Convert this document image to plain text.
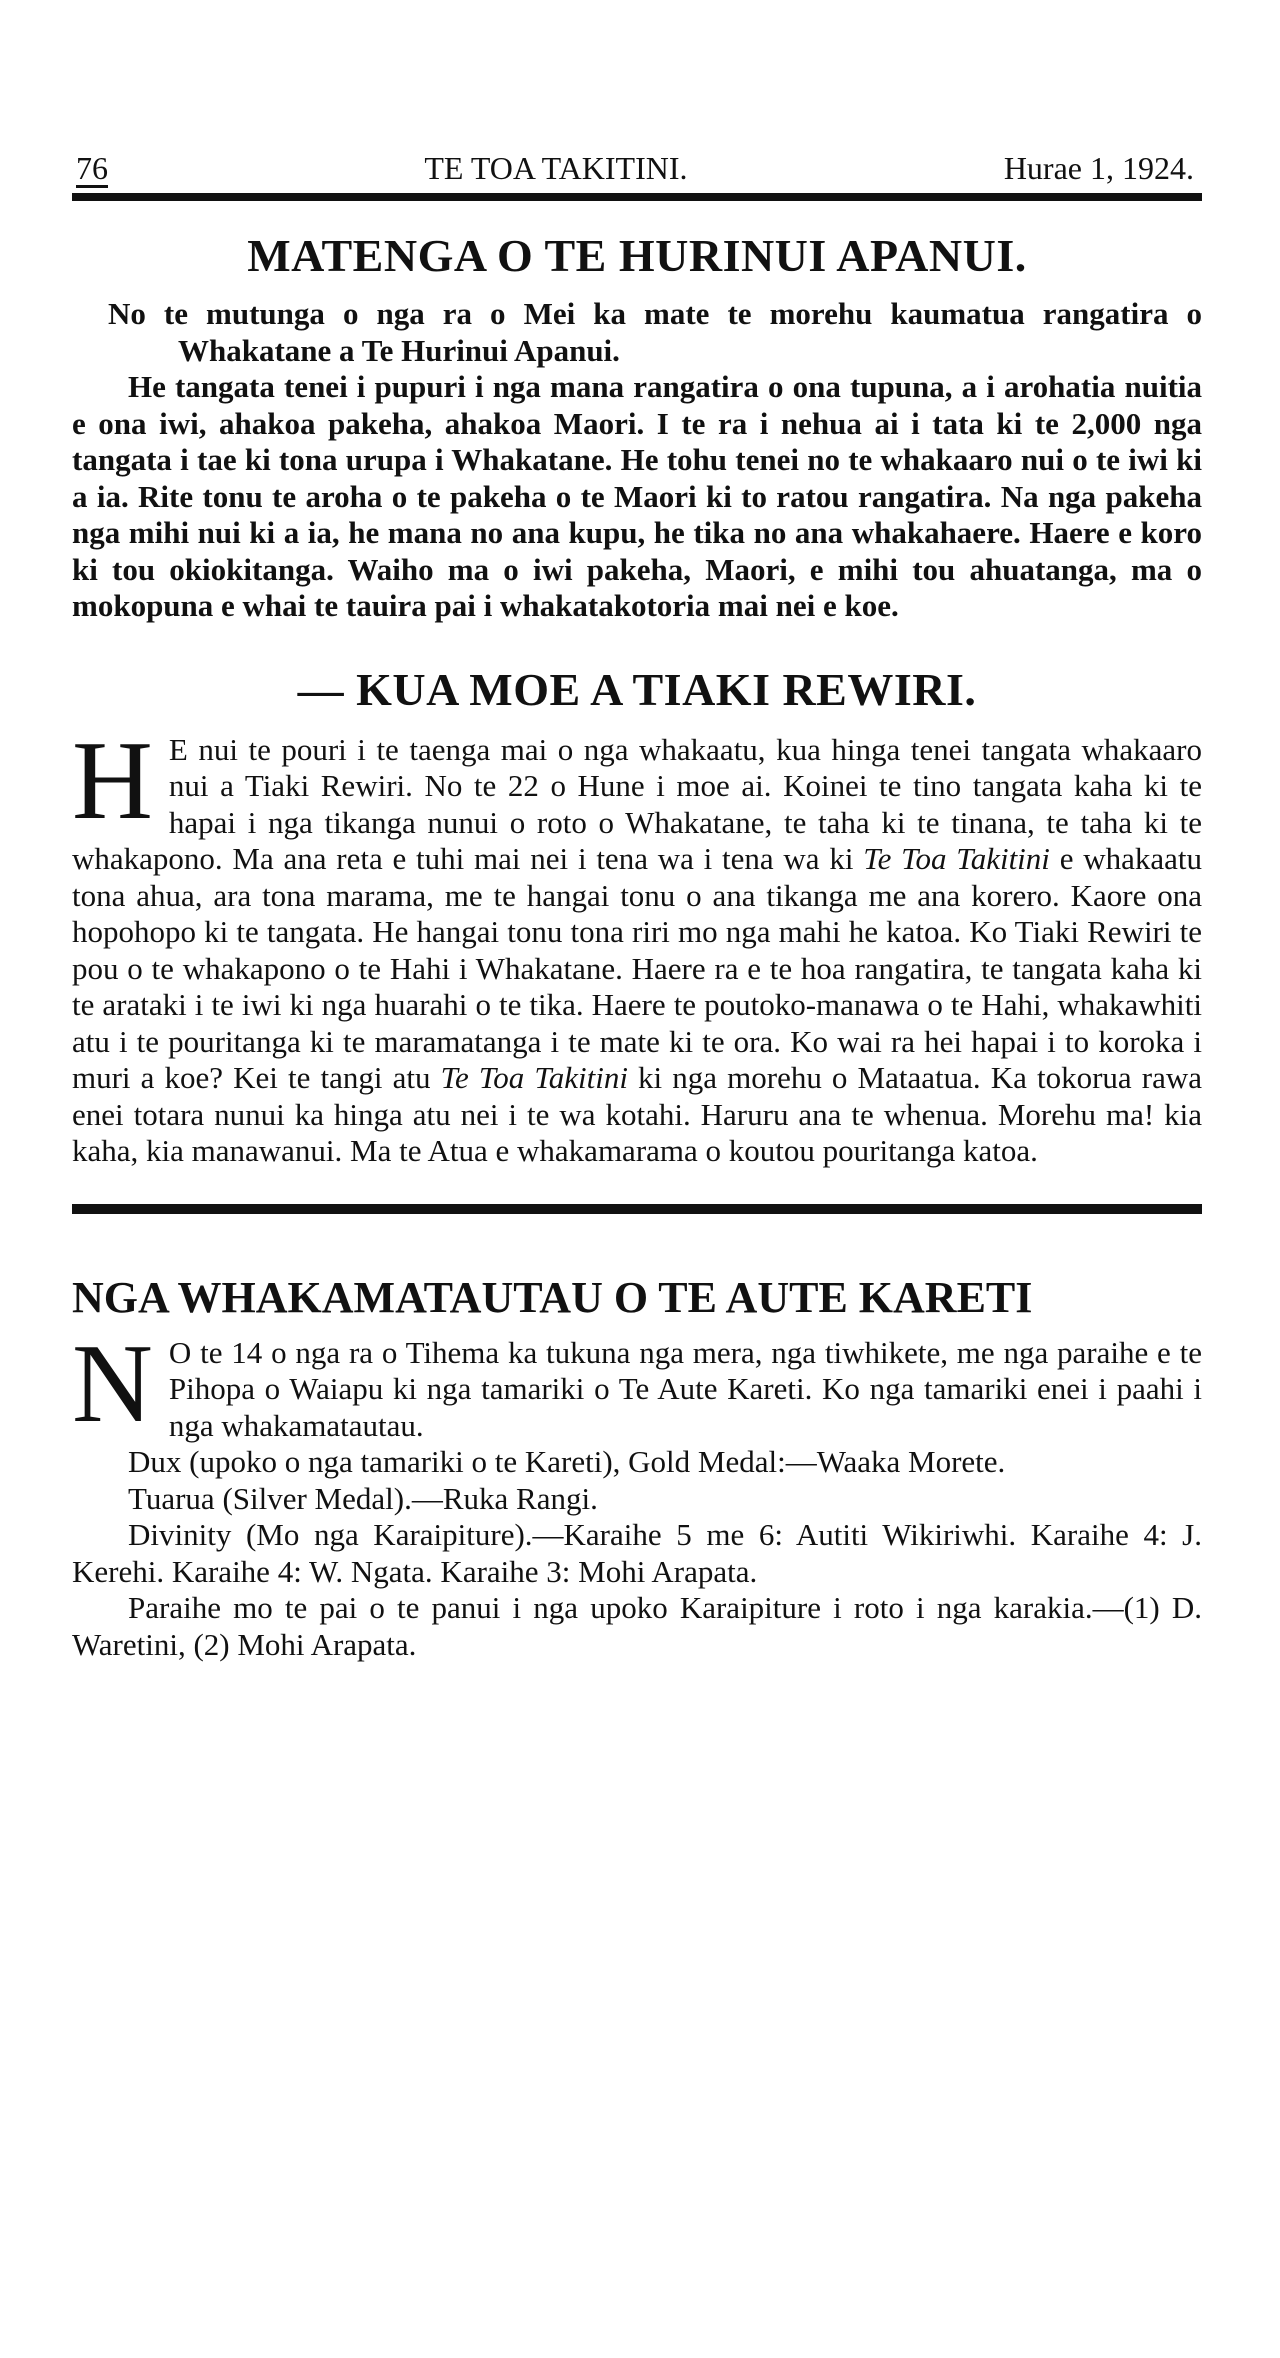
76	TE TOA TAKITINI.	Hurae 1, 1924.
MATENGA O TE HURINUI APANUI.

No te mutunga o nga ra o Mei ka mate te morehu kaumatua rangatira o Whakatane a Te Hurinui Apanui.

He tangata tenei i pupuri i nga mana rangatira o ona tupuna, a i arohatia nuitia e ona iwi, ahakoa pakeha, ahakoa Maori. I te ra i nehua ai i tata ki te 2,000 nga tangata i tae ki tona urupa i Whakatane. He tohu tenei no te whakaaro nui o te iwi ki a ia. Rite tonu te aroha o te pakeha o te Maori ki to ratou rangatira. Na nga pakeha nga mihi nui ki a ia, he mana no ana kupu, he tika no ana whakahaere. Haere e koro ki tou okiokitanga. Waiho ma o iwi pakeha, Maori, e mihi tou ahuatanga, ma o mokopuna e whai te tauira pai i whakatakotoria mai nei e koe.

— KUA MOE A TIAKI REWIRI.

H E nui te pouri i te taenga mai o nga whakaatu, kua hinga tenei tangata whakaaro nui a Tiaki Rewiri. No te 22 o Hune i moe ai. Koinei te tino tangata kaha ki te hapai i nga tikanga nunui o roto o Whakatane, te taha ki te tinana, te taha ki te whakapono. Ma ana reta e tuhi mai nei i tena wa i tena wa ki Te Toa Takitini e whakaatu tona ahua, ara tona marama, me te hangai tonu o ana tikanga me ana korero. Kaore ona hopohopo ki te tangata. He hangai tonu tona riri mo nga mahi he katoa. Ko Tiaki Rewiri te pou o te whakapono o te Hahi i Whakatane. Haere ra e te hoa rangatira, te tangata kaha ki te arataki i te iwi ki nga huarahi o te tika. Haere te poutoko-manawa o te Hahi, whakawhiti atu i te pouritanga ki te maramatanga i te mate ki te ora. Ko wai ra hei hapai i to koroka i muri a koe? Kei te tangi atu Te Toa Takitini ki nga morehu o Mataatua. Ka tokorua rawa enei totara nunui ka hinga atu nei i te wa kotahi. Haruru ana te whenua. Morehu ma! kia kaha, kia manawanui. Ma te Atua e whakamarama o koutou pouritanga katoa.

NGA WHAKAMATAUTAU O TE AUTE KARETI

N O te 14 o nga ra o Tihema ka tukuna nga mera, nga tiwhikete, me nga paraihe e te Pihopa o Waiapu ki nga tamariki o Te Aute Kareti. Ko nga tamariki enei i paahi i nga whakamatautau.

Dux (upoko o nga tamariki o te Kareti), Gold Medal:—Waaka Morete.

Tuarua (Silver Medal).—Ruka Rangi.

Divinity (Mo nga Karaipiture).—Karaihe 5 me 6: Autiti Wikiriwhi. Karaihe 4: J. Kerehi. Karaihe 4: W. Ngata. Karaihe 3: Mohi Arapata.

Paraihe mo te pai o te panui i nga upoko Karaipiture i roto i nga karakia.—(1) D. Waretini, (2) Mohi Arapata.
